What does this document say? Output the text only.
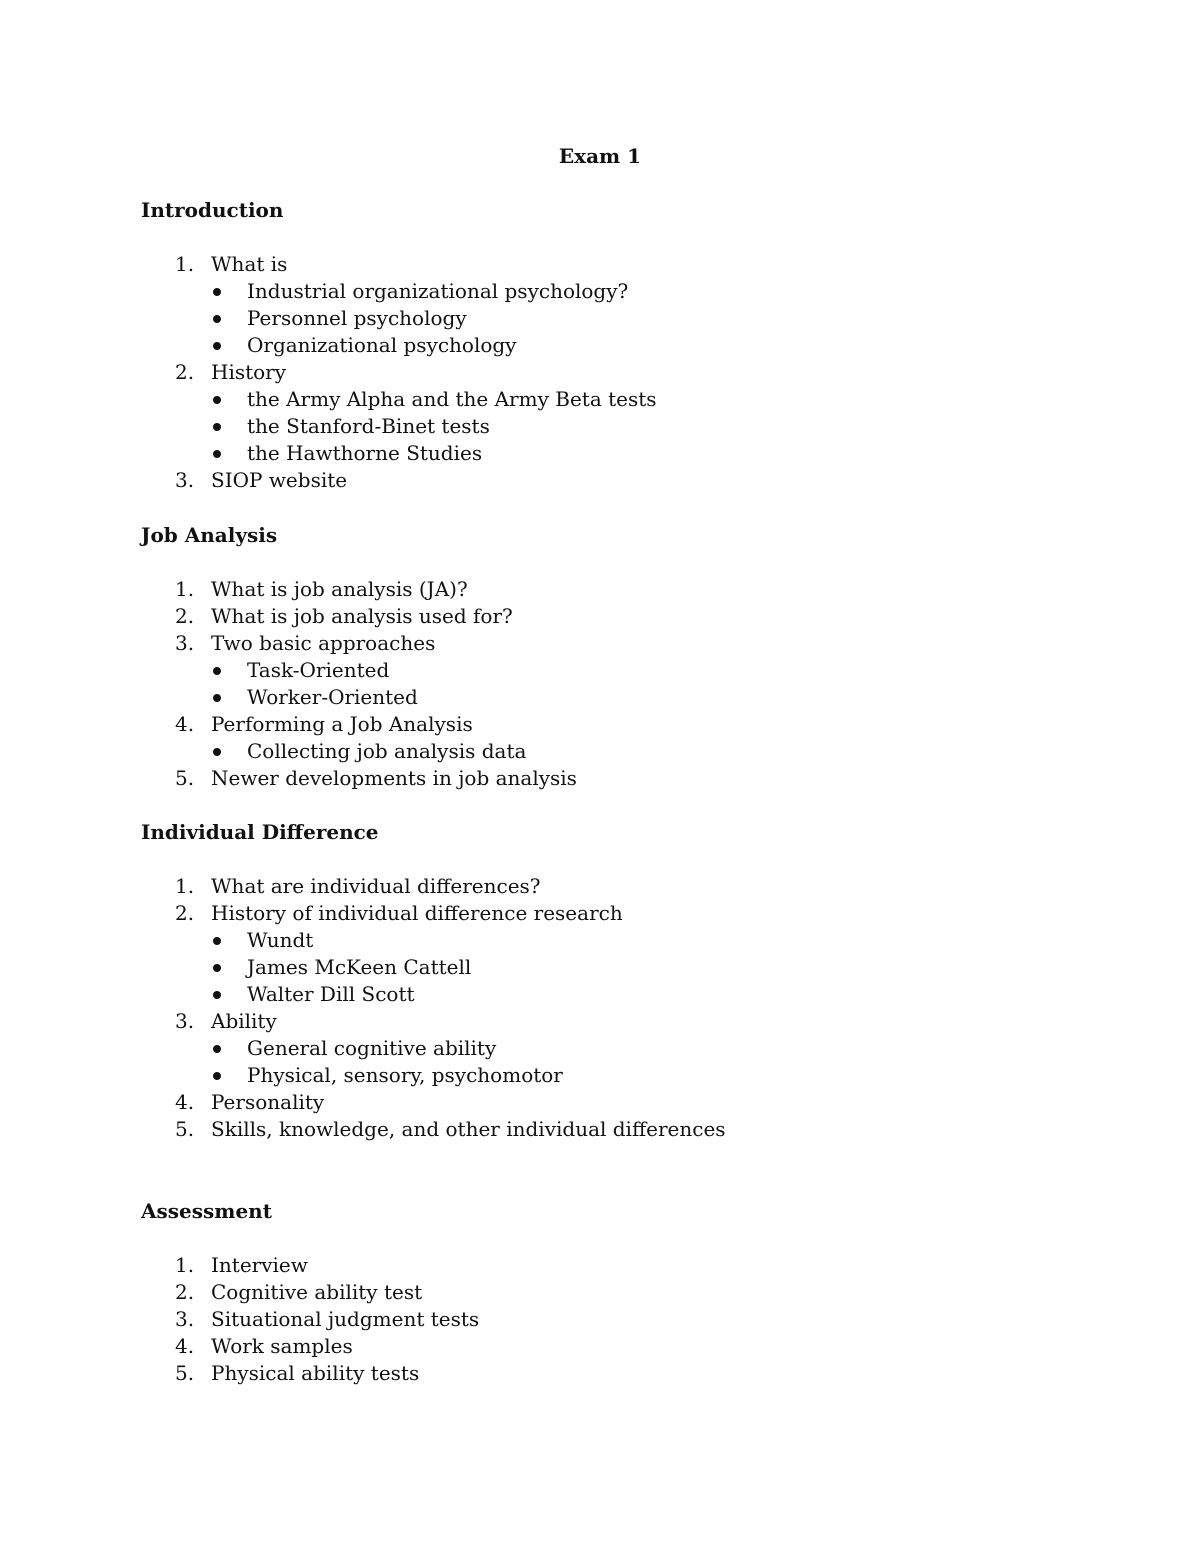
Exam 1
Introduction
1. What is
Industrial organizational psychology?
Personnel psychology
Organizational psychology
2. History
the Army Alpha and the Army Beta tests
the Stanford-Binet tests
the Hawthorne Studies
3. SIOP website
Job Analysis
1. What is job analysis (JA)?
2. What is job analysis used for?
3. Two basic approaches
Task-Oriented
Worker-Oriented
4. Performing a Job Analysis
Collecting job analysis data
5. Newer developments in job analysis
Individual Difference
1. What are individual differences?
2. History of individual difference research
Wundt
James McKeen Cattell
Walter Dill Scott
3. Ability
General cognitive ability
Physical, sensory, psychomotor
4. Personality
5. Skills, knowledge, and other individual differences
Assessment
1. Interview
2. Cognitive ability test
3. Situational judgment tests
4. Work samples
5. Physical ability tests
